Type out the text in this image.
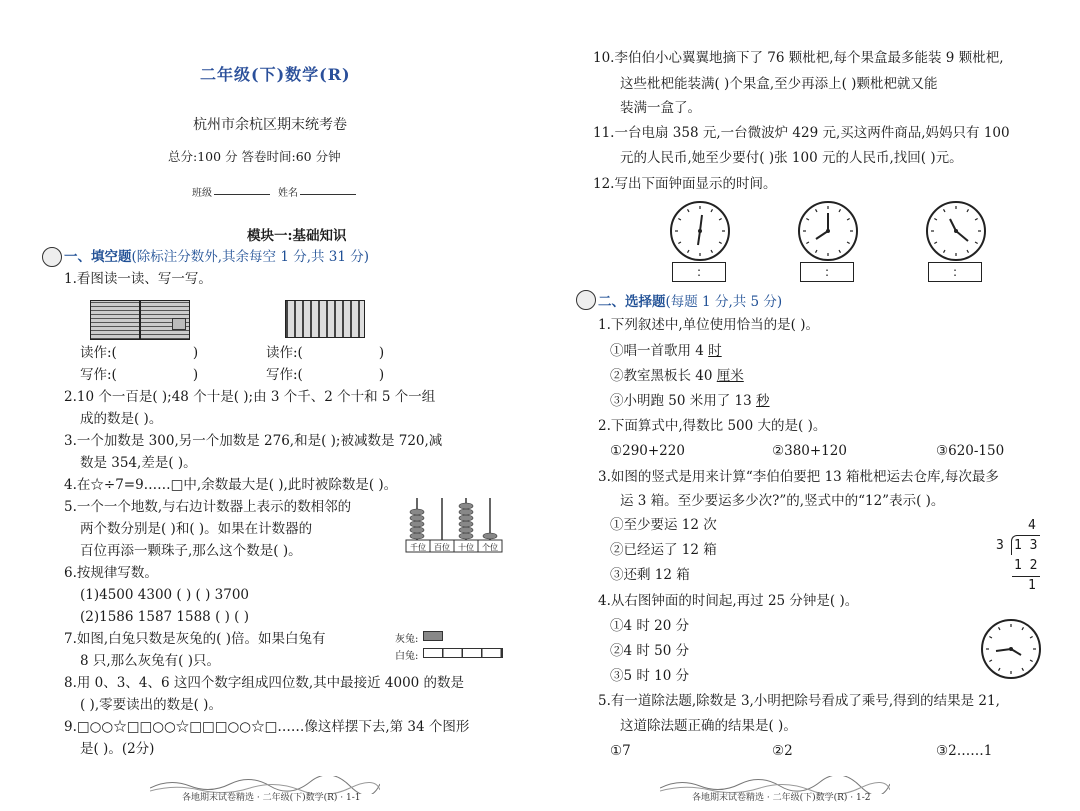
二年级(下)数学(R)
杭州市余杭区期末统考卷
总分:100 分 答卷时间:60 分钟
班级	姓名
模块一:基础知识
一、填空题(除标注分数外,其余每空 1 分,共 31 分)
1.看图读一读、写一写。
读作:(	)
写作:(	)
读作:(	)
写作:(	)
2.10 个一百是( );48 个十是( );由 3 个千、2 个十和 5 个一组
成的数是( )。
3.一个加数是 300,另一个加数是 276,和是( );被减数是 720,减
数是 354,差是( )。
4.在☆÷7=9……□中,余数最大是( ),此时被除数是( )。
5.一个一个地数,与右边计数器上表示的数相邻的
两个数分别是( )和( )。如果在计数器的
百位再添一颗珠子,那么这个数是( )。	千位 百位 十位 个位
6.按规律写数。
(1)4500 4300 ( ) ( ) 3700
(2)1586 1587 1588 ( ) ( )
7.如图,白兔只数是灰兔的( )倍。如果白兔有
8 只,那么灰兔有( )只。
灰兔:
白兔:
8.用 0、3、4、6 这四个数字组成四位数,其中最接近 4000 的数是
( ),零要读出的数是( )。
9.□○○☆□□○○☆□□□○○☆□……像这样摆下去,第 34 个图形
是( )。(2分)
各地期末试卷精选 · 二年级(下)数学(R) · 1-1
10.李伯伯小心翼翼地摘下了 76 颗枇杷,每个果盒最多能装 9 颗枇杷,
这些枇杷能装满( )个果盒,至少再添上( )颗枇杷就又能
装满一盒了。
11.一台电扇 358 元,一台微波炉 429 元,买这两件商品,妈妈只有 100
元的人民币,她至少要付( )张 100 元的人民币,找回( )元。
12.写出下面钟面显示的时间。
:	:	:
二、选择题(每题 1 分,共 5 分)
1.下列叙述中,单位使用恰当的是( )。
①唱一首歌用 4 时
②教室黑板长 40 厘米
③小明跑 50 米用了 13 秒
2.下面算式中,得数比 500 大的是( )。
①290+220	②380+120	③620-150
3.如图的竖式是用来计算“李伯伯要把 13 箱枇杷运去仓库,每次最多
运 3 箱。至少要运多少次?”的,竖式中的“12”表示( )。
①至少要运 12 次
②已经运了 12 箱
③还剩 12 箱
4
3 1 3
1 2
1
4.从右图钟面的时间起,再过 25 分钟是( )。
①4 时 20 分
②4 时 50 分
③5 时 10 分
5.有一道除法题,除数是 3,小明把除号看成了乘号,得到的结果是 21,
这道除法题正确的结果是( )。
①7	②2	③2……1
各地期末试卷精选 · 二年级(下)数学(R) · 1-2
